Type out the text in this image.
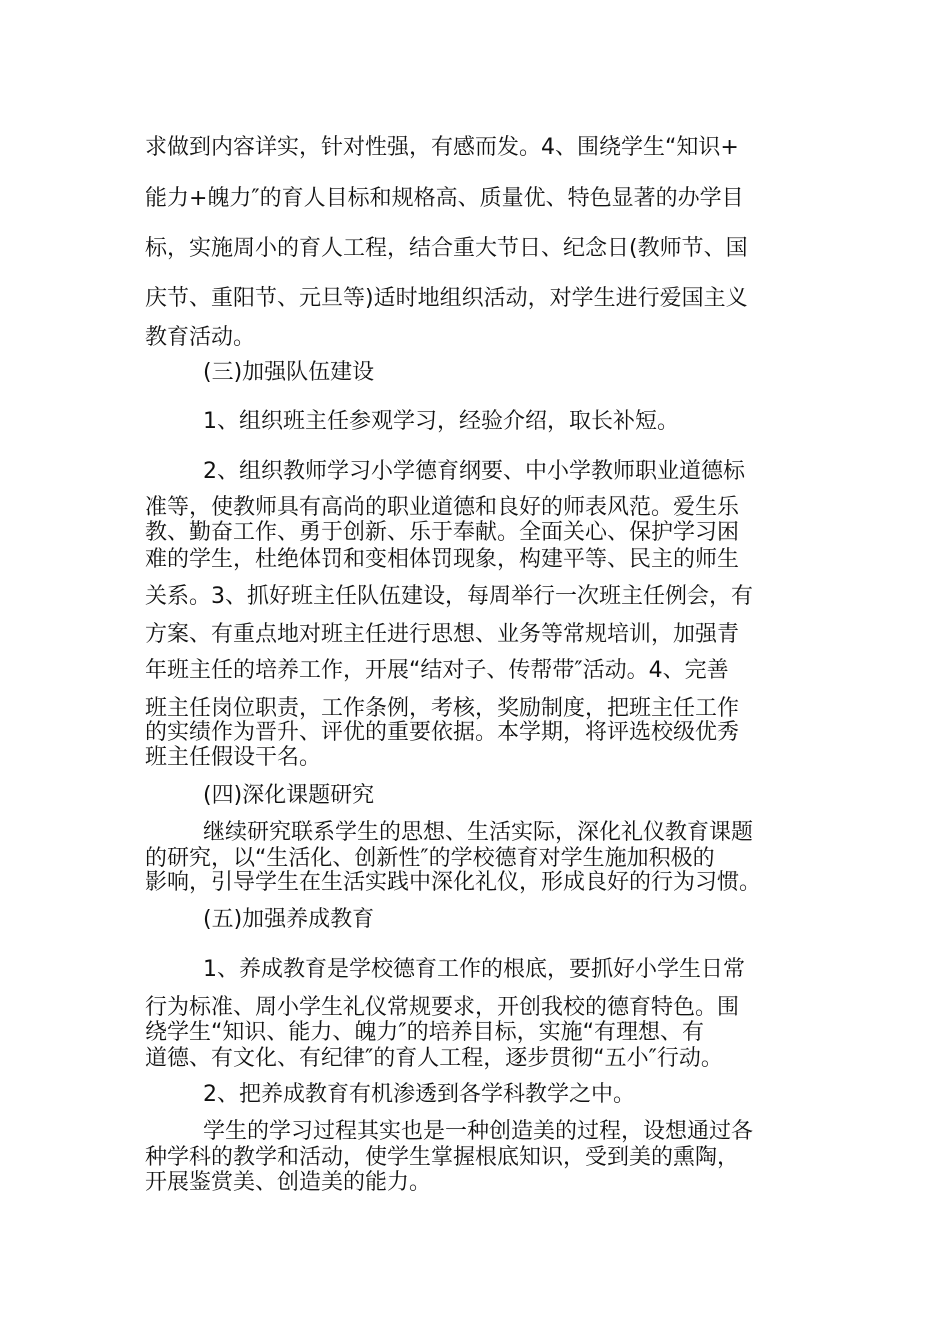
求做到内容详实，针对性强，有感而发。4、围绕学生“知识+
能力+魄力″的育人目标和规格高、质量优、特色显著的办学目
标，实施周小的育人工程，结合重大节日、纪念日(教师节、国
庆节、重阳节、元旦等)适时地组织活动，对学生进行爱国主义
教育活动。
(三)加强队伍建设
1、组织班主任参观学习，经验介绍，取长补短。
2、组织教师学习小学德育纲要、中小学教师职业道德标
准等，使教师具有高尚的职业道德和良好的师表风范。爱生乐
教、勤奋工作、勇于创新、乐于奉献。全面关心、保护学习困
难的学生，杜绝体罚和变相体罚现象，构建平等、民主的师生
关系。3、抓好班主任队伍建设，每周举行一次班主任例会，有
方案、有重点地对班主任进行思想、业务等常规培训，加强青
年班主任的培养工作，开展“结对子、传帮带″活动。4、完善
班主任岗位职责，工作条例，考核，奖励制度，把班主任工作
的实绩作为晋升、评优的重要依据。本学期，将评选校级优秀
班主任假设干名。
(四)深化课题研究
继续研究联系学生的思想、生活实际，深化礼仪教育课题
的研究，以“生活化、创新性″的学校德育对学生施加积极的
影响，引导学生在生活实践中深化礼仪，形成良好的行为习惯。
(五)加强养成教育
1、养成教育是学校德育工作的根底，要抓好小学生日常
行为标准、周小学生礼仪常规要求，开创我校的德育特色。围
绕学生“知识、能力、魄力″的培养目标，实施“有理想、有
道德、有文化、有纪律″的育人工程，逐步贯彻“五小″行动。
2、把养成教育有机渗透到各学科教学之中。
学生的学习过程其实也是一种创造美的过程，设想通过各
种学科的教学和活动，使学生掌握根底知识，受到美的熏陶，
开展鉴赏美、创造美的能力。
